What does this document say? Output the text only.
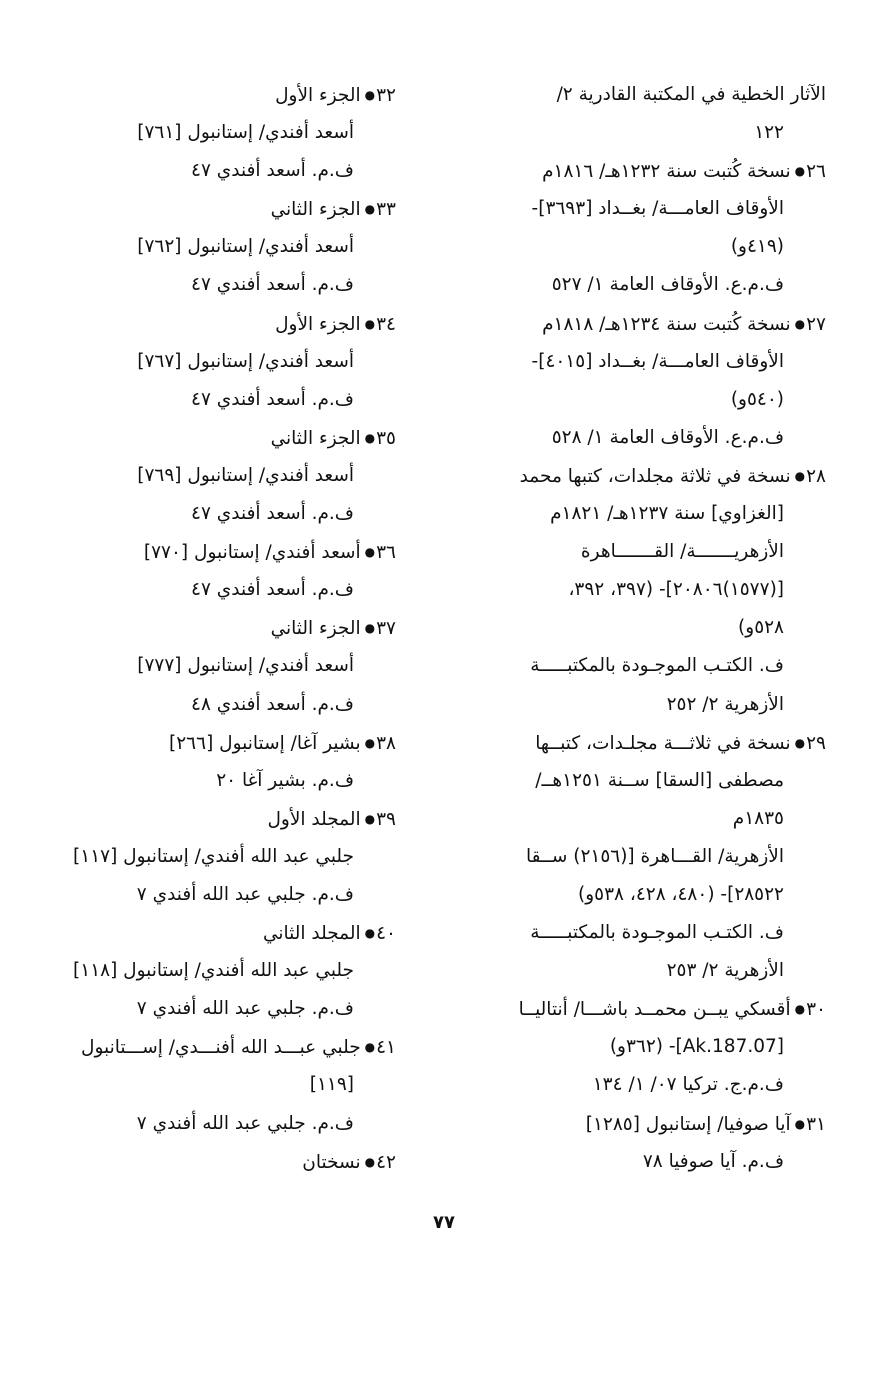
الآثار الخطية في المكتبة القادرية ٢/
١٢٢
٢٦●نسخة كُتبت سنة ١٢٣٢هـ/ ١٨١٦م
الأوقاف العامـــة/ بغــداد [٣٦٩٣]-
(٤١٩و)
ف.م.ع. الأوقاف العامة ١/ ٥٢٧
٢٧●نسخة كُتبت سنة ١٢٣٤هـ/ ١٨١٨م
الأوقاف العامـــة/ بغــداد [٤٠١٥]-
(٥٤٠و)
ف.م.ع. الأوقاف العامة ١/ ٥٢٨
٢٨●نسخة في ثلاثة مجلدات، كتبها محمد
[الغزاوي] سنة ١٢٣٧هـ/ ١٨٢١م
الأزهريـــــــة/ القـــــــاهرة
[(١٥٧٧)٢٠٨٠٦]- (٣٩٧، ٣٩٢،
٥٢٨و)
ف. الكتـب الموجـودة بالمكتبـــــة
الأزهرية ٢/ ٢٥٢
٢٩●نسخة في ثلاثـــة مجلـدات، كتبــها
مصطفى [السقا] ســنة ١٢٥١هــ/
١٨٣٥م
الأزهرية/ القـــاهرة [(٢١٥٦) ســقا
٢٨٥٢٢]- (٤٨٠، ٤٢٨، ٥٣٨و)
ف. الكتـب الموجـودة بالمكتبـــــة
الأزهرية ٢/ ٢٥٣
٣٠●أقسكي يبــن محمــد باشـــا/ أنتاليــا
[07.Ak.187]- (٣٦٢و)
ف.م.ج. تركيا ٠٧/ ١/ ١٣٤
٣١●آيا صوفيا/ إستانبول [١٢٨٥]
ف.م. آيا صوفيا ٧٨
٣٢●الجزء الأول
أسعد أفندي/ إستانبول [٧٦١]
ف.م. أسعد أفندي ٤٧
٣٣●الجزء الثاني
أسعد أفندي/ إستانبول [٧٦٢]
ف.م. أسعد أفندي ٤٧
٣٤●الجزء الأول
أسعد أفندي/ إستانبول [٧٦٧]
ف.م. أسعد أفندي ٤٧
٣٥●الجزء الثاني
أسعد أفندي/ إستانبول [٧٦٩]
ف.م. أسعد أفندي ٤٧
٣٦●أسعد أفندي/ إستانبول [٧٧٠]
ف.م. أسعد أفندي ٤٧
٣٧●الجزء الثاني
أسعد أفندي/ إستانبول [٧٧٧]
ف.م. أسعد أفندي ٤٨
٣٨●بشير آغا/ إستانبول [٢٦٦]
ف.م. بشير آغا ٢٠
٣٩●المجلد الأول
جلبي عبد الله أفندي/ إستانبول [١١٧]
ف.م. جلبي عبد الله أفندي ٧
٤٠●المجلد الثاني
جلبي عبد الله أفندي/ إستانبول [١١٨]
ف.م. جلبي عبد الله أفندي ٧
٤١●جلبي عبـــد الله أفنـــدي/ إســـتانبول
[١١٩]
ف.م. جلبي عبد الله أفندي ٧
٤٢●نسختان
٧٧
